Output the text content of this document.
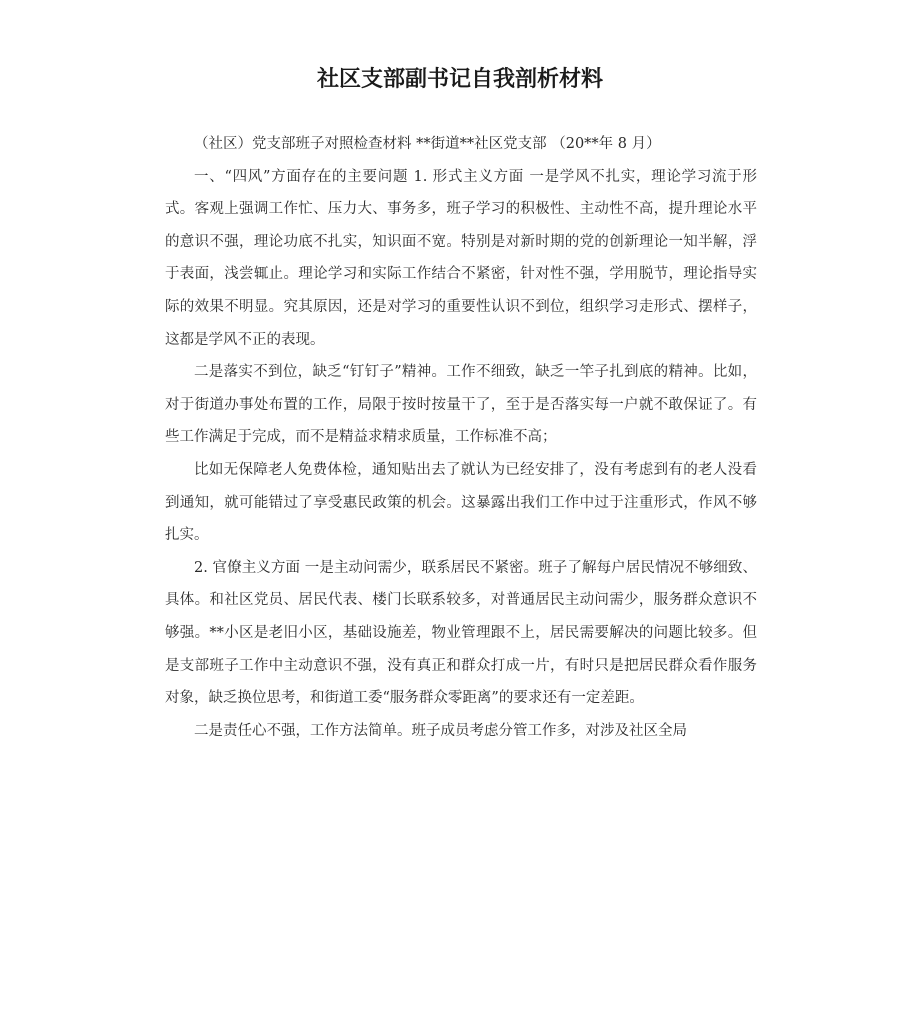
社区支部副书记自我剖析材料

（社区）党支部班子对照检查材料 **街道**社区党支部 （20**年 8 月）

一、“四风”方面存在的主要问题 1. 形式主义方面 一是学风不扎实，理论学习流于形式。客观上强调工作忙、压力大、事务多，班子学习的积极性、主动性不高，提升理论水平的意识不强，理论功底不扎实，知识面不宽。特别是对新时期的党的创新理论一知半解，浮于表面，浅尝辄止。理论学习和实际工作结合不紧密，针对性不强，学用脱节，理论指导实际的效果不明显。究其原因，还是对学习的重要性认识不到位，组织学习走形式、摆样子，这都是学风不正的表现。

二是落实不到位，缺乏“钉钉子”精神。工作不细致，缺乏一竿子扎到底的精神。比如，对于街道办事处布置的工作，局限于按时按量干了，至于是否落实每一户就不敢保证了。有些工作满足于完成，而不是精益求精求质量，工作标准不高；

比如无保障老人免费体检，通知贴出去了就认为已经安排了，没有考虑到有的老人没看到通知，就可能错过了享受惠民政策的机会。这暴露出我们工作中过于注重形式，作风不够扎实。

2. 官僚主义方面 一是主动问需少，联系居民不紧密。班子了解每户居民情况不够细致、具体。和社区党员、居民代表、楼门长联系较多，对普通居民主动问需少，服务群众意识不够强。**小区是老旧小区，基础设施差，物业管理跟不上，居民需要解决的问题比较多。但是支部班子工作中主动意识不强，没有真正和群众打成一片，有时只是把居民群众看作服务对象，缺乏换位思考，和街道工委“服务群众零距离”的要求还有一定差距。

二是责任心不强，工作方法简单。班子成员考虑分管工作多，对涉及社区全局
